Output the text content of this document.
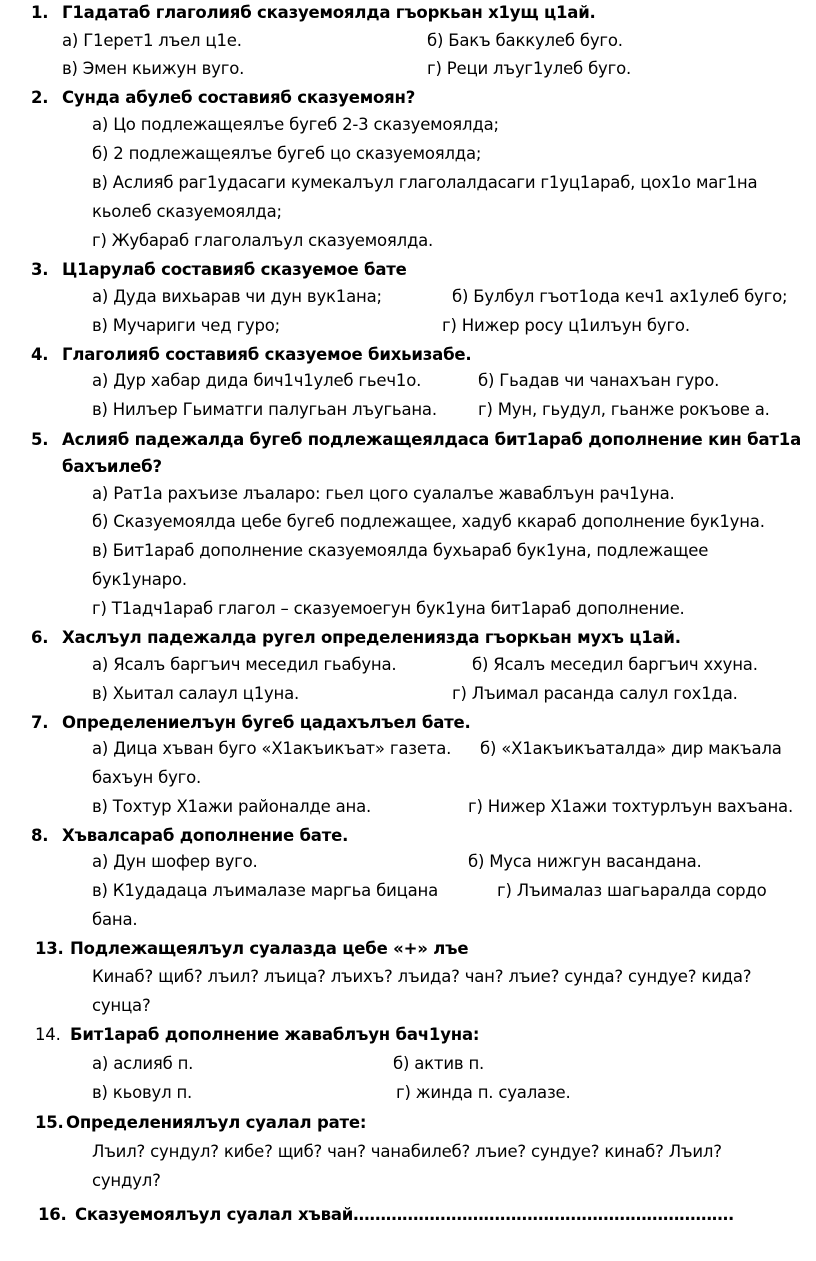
1. Г1адатаб глаголияб сказуемоялда гъоркьан х1ущ ц1ай.
а) Г1ерет1 лъел ц1е.	б) Бакъ баккулеб буго.
в) Эмен кьижун вуго.	г) Реци лъуг1улеб буго.
2. Сунда абулеб составияб сказуемоян?
а) Цо подлежащеялъе бугеб 2-3 сказуемоялда;
б) 2 подлежащеялъе бугеб цо сказуемоялда;
в) Аслияб раг1удасаги кумекалъул глаголалдасаги г1уц1араб, цох1о маг1на
кьолеб сказуемоялда;
г) Жубараб глаголалъул сказуемоялда.
3. Ц1арулаб составияб сказуемое бате
а) Дуда вихьарав чи дун вук1ана;	б) Булбул гъот1ода кеч1 ах1улеб буго;
в) Мучариги чед гуро;	г) Нижер росу ц1илъун буго.
4. Глаголияб составияб сказуемое бихьизабе.
а) Дур хабар дида бич1ч1улеб гьеч1о.	б) Гьадав чи чанахъан гуро.
в) Нилъер Гьиматги палугьан лъугьана. г) Мун, гьудул, гьанже рокъове а.
5. Аслияб падежалда бугеб подлежащеялдаса бит1араб дополнение кин бат1а
бахъилеб?
а) Рат1а рахъизе лъаларо: гьел цого суалалъе жаваблъун рач1уна.
б) Сказуемоялда цебе бугеб подлежащее, хадуб ккараб дополнение бук1уна.
в) Бит1араб дополнение сказуемоялда бухьараб бук1уна, подлежащее
бук1унаро.
г) Т1адч1араб глагол – сказуемоегун бук1уна бит1араб дополнение.
6. Хаслъул падежалда ругел определениязда гъоркьан мухъ ц1ай.
а) Ясалъ баргъич меседил гьабуна.	б) Ясалъ меседил баргъич ххуна.
в) Хьитал салаул ц1уна.	г) Лъимал расанда салул гох1да.
7. Определениелъун бугеб цадахълъел бате.
а) Дица хъван буго «Х1акъикъат» газета. б) «Х1акъикъаталда» дир макъала
бахъун буго.
в) Тохтур Х1ажи районалде ана.	г) Нижер Х1ажи тохтурлъун вахъана.
8. Хъвалсараб дополнение бате.
а) Дун шофер вуго.	б) Муса нижгун васандана.
в) К1удадаца лъималазе маргьа бицана	г) Лъималаз шагьаралда сордо
бана.
13. Подлежащеялъул суалазда цебе «+» лъе
Кинаб? щиб? лъил? лъица? лъихъ? лъида? чан? лъие? сунда? сундуе? кида?
сунца?
14. Бит1араб дополнение жаваблъун бач1уна:
а) аслияб п.	б) актив п.
в) кьовул п.	г) жинда п. суалазе.
15. Определениялъул суалал рате:
Лъил? сундул? кибе? щиб? чан? чанабилеб? лъие? сундуе? кинаб? Лъил?
сундул?
16. Сказуемоялъул суалал хъвай…………………………………………………………….
